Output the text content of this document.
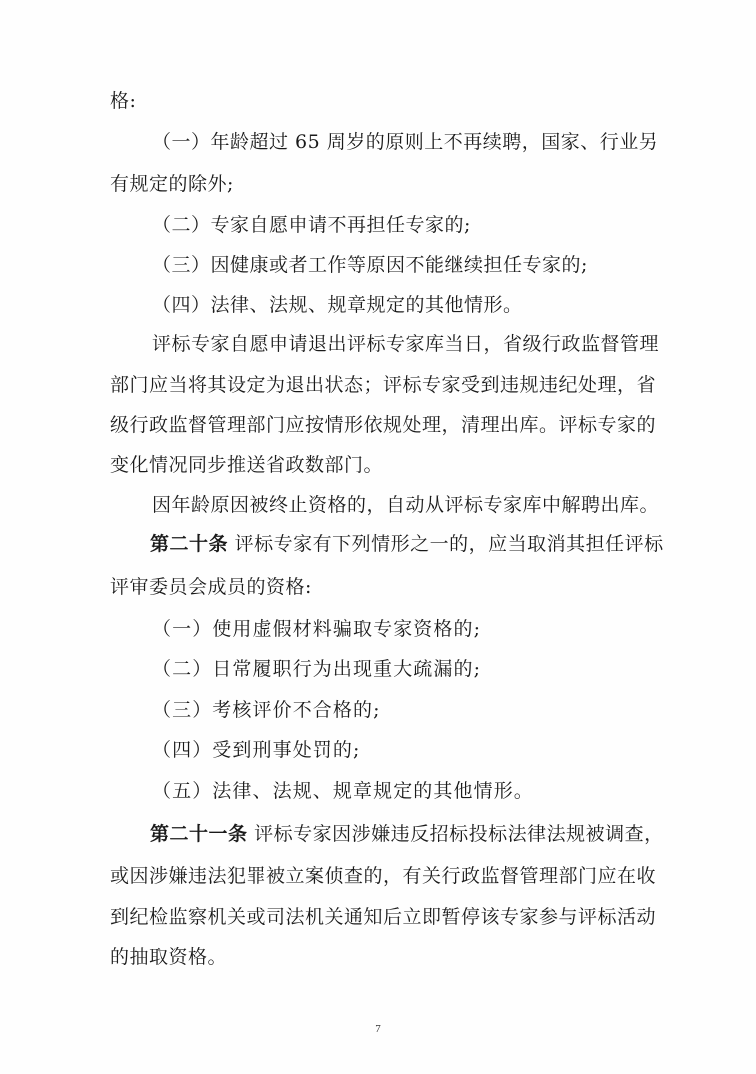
格:
（一）年龄超过 65 周岁的原则上不再续聘，国家、行业另
有规定的除外;
（二）专家自愿申请不再担任专家的;
（三）因健康或者工作等原因不能继续担任专家的;
（四）法律、法规、规章规定的其他情形。
评标专家自愿申请退出评标专家库当日，省级行政监督管理
部门应当将其设定为退出状态；评标专家受到违规违纪处理，省
级行政监督管理部门应按情形依规处理，清理出库。评标专家的
变化情况同步推送省政数部门。
因年龄原因被终止资格的，自动从评标专家库中解聘出库。
第二十条 评标专家有下列情形之一的，应当取消其担任评标
评审委员会成员的资格:
（一）使用虚假材料骗取专家资格的;
（二）日常履职行为出现重大疏漏的;
（三）考核评价不合格的;
（四）受到刑事处罚的;
（五）法律、法规、规章规定的其他情形。
第二十一条 评标专家因涉嫌违反招标投标法律法规被调查，
或因涉嫌违法犯罪被立案侦查的，有关行政监督管理部门应在收
到纪检监察机关或司法机关通知后立即暂停该专家参与评标活动
的抽取资格。
7
